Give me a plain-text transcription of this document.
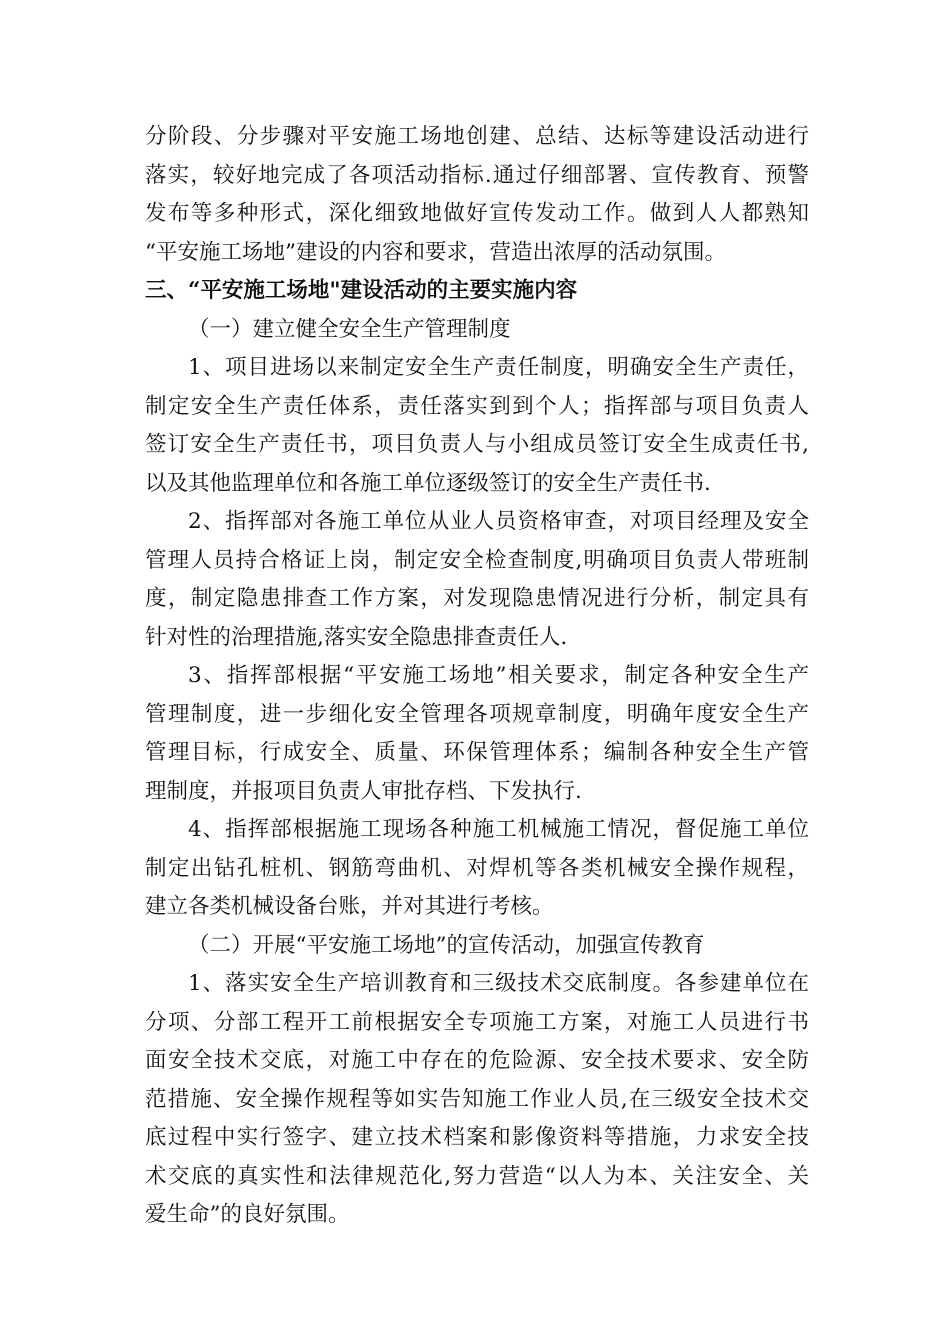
分阶段、分步骤对平安施工场地创建、总结、达标等建设活动进行
落实，较好地完成了各项活动指标.通过仔细部署、宣传教育、预警
发布等多种形式，深化细致地做好宣传发动工作。做到人人都熟知
“平安施工场地”建设的内容和要求，营造出浓厚的活动氛围。
三、“平安施工场地"建设活动的主要实施内容
（一）建立健全安全生产管理制度
1、项目进场以来制定安全生产责任制度，明确安全生产责任，
制定安全生产责任体系，责任落实到到个人；指挥部与项目负责人
签订安全生产责任书，项目负责人与小组成员签订安全生成责任书,
以及其他监理单位和各施工单位逐级签订的安全生产责任书.
2、指挥部对各施工单位从业人员资格审查，对项目经理及安全
管理人员持合格证上岗，制定安全检查制度,明确项目负责人带班制
度，制定隐患排查工作方案，对发现隐患情况进行分析，制定具有
针对性的治理措施,落实安全隐患排查责任人.
3、指挥部根据“平安施工场地”相关要求，制定各种安全生产
管理制度，进一步细化安全管理各项规章制度，明确年度安全生产
管理目标，行成安全、质量、环保管理体系；编制各种安全生产管
理制度，并报项目负责人审批存档、下发执行.
4、指挥部根据施工现场各种施工机械施工情况，督促施工单位
制定出钻孔桩机、钢筋弯曲机、对焊机等各类机械安全操作规程，
建立各类机械设备台账，并对其进行考核。
（二）开展“平安施工场地”的宣传活动，加强宣传教育
1、落实安全生产培训教育和三级技术交底制度。各参建单位在
分项、分部工程开工前根据安全专项施工方案，对施工人员进行书
面安全技术交底，对施工中存在的危险源、安全技术要求、安全防
范措施、安全操作规程等如实告知施工作业人员,在三级安全技术交
底过程中实行签字、建立技术档案和影像资料等措施，力求安全技
术交底的真实性和法律规范化,努力营造“以人为本、关注安全、关
爱生命”的良好氛围。
